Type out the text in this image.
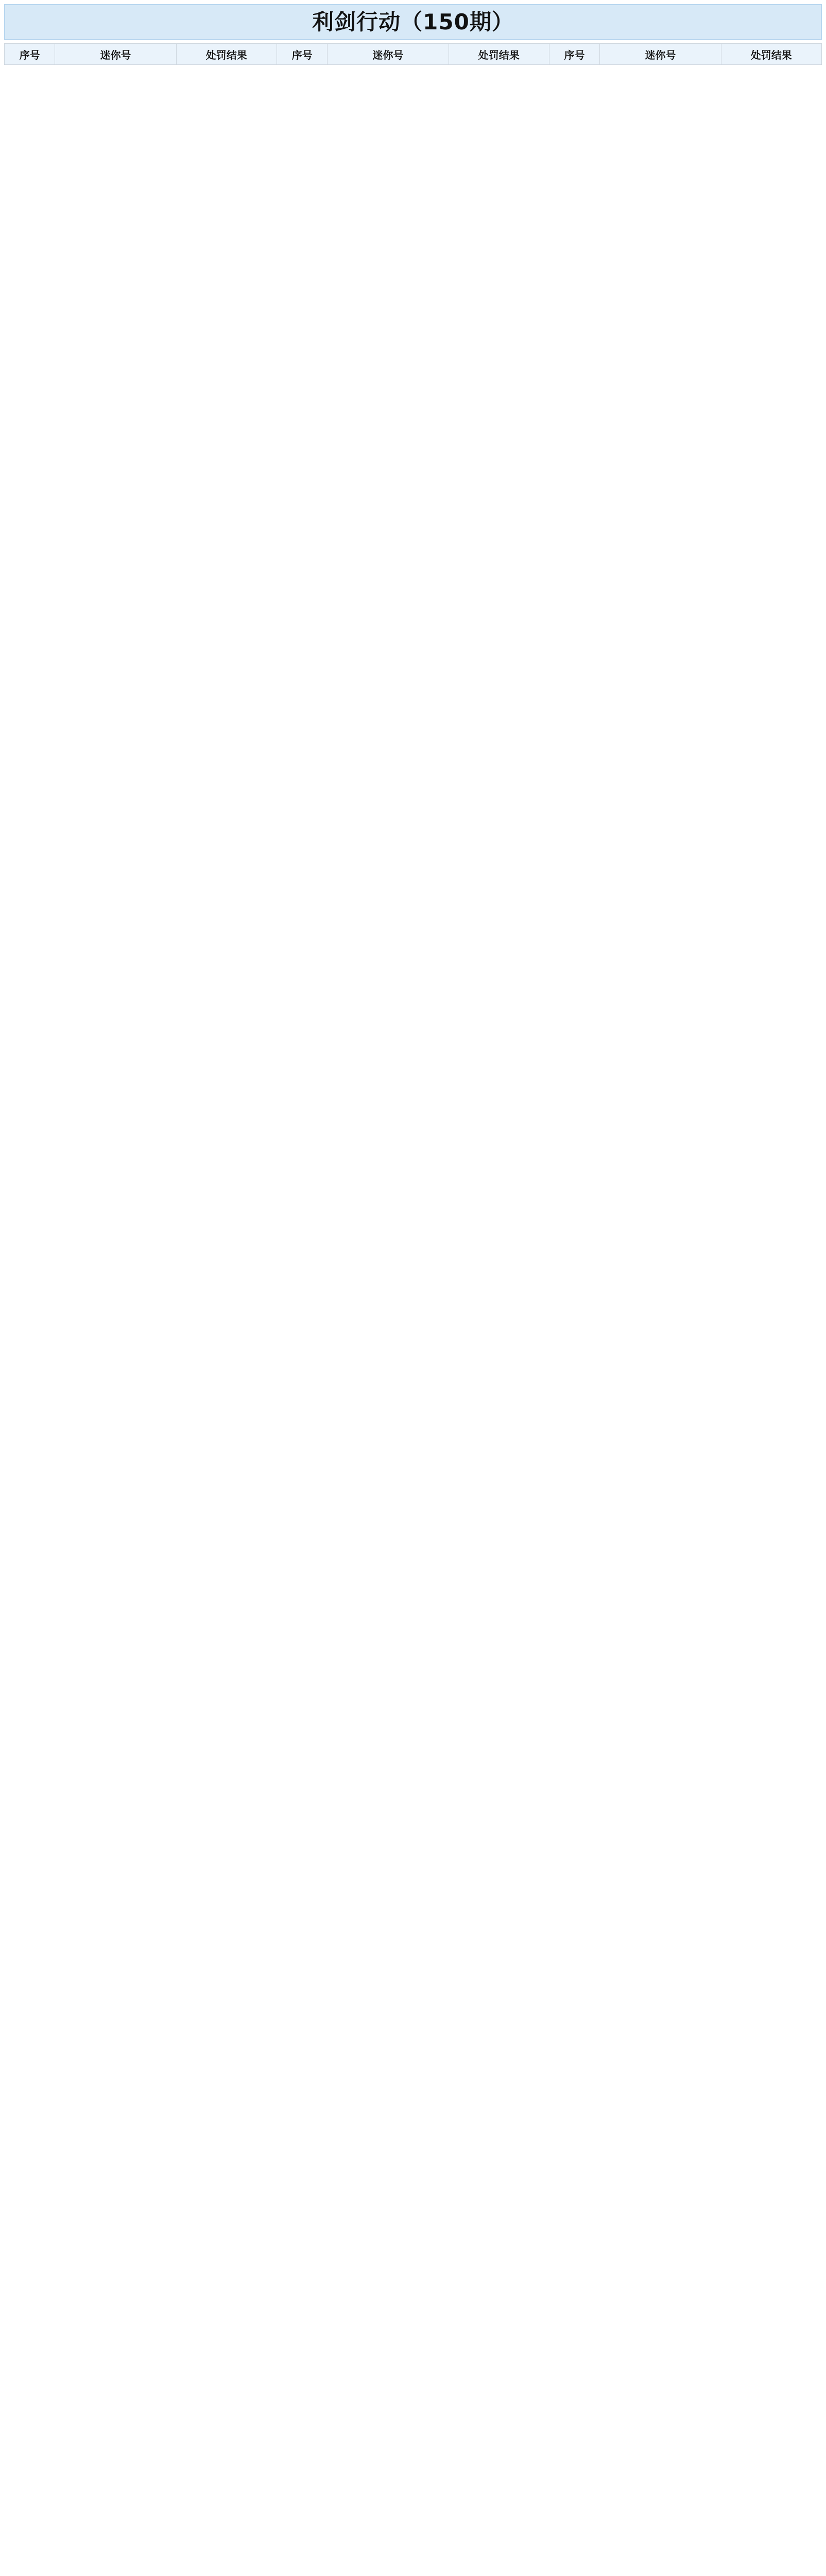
利剑行动（150期）
序号	迷你号	处罚结果	序号	迷你号	处罚结果	序号	迷你号	处罚结果
